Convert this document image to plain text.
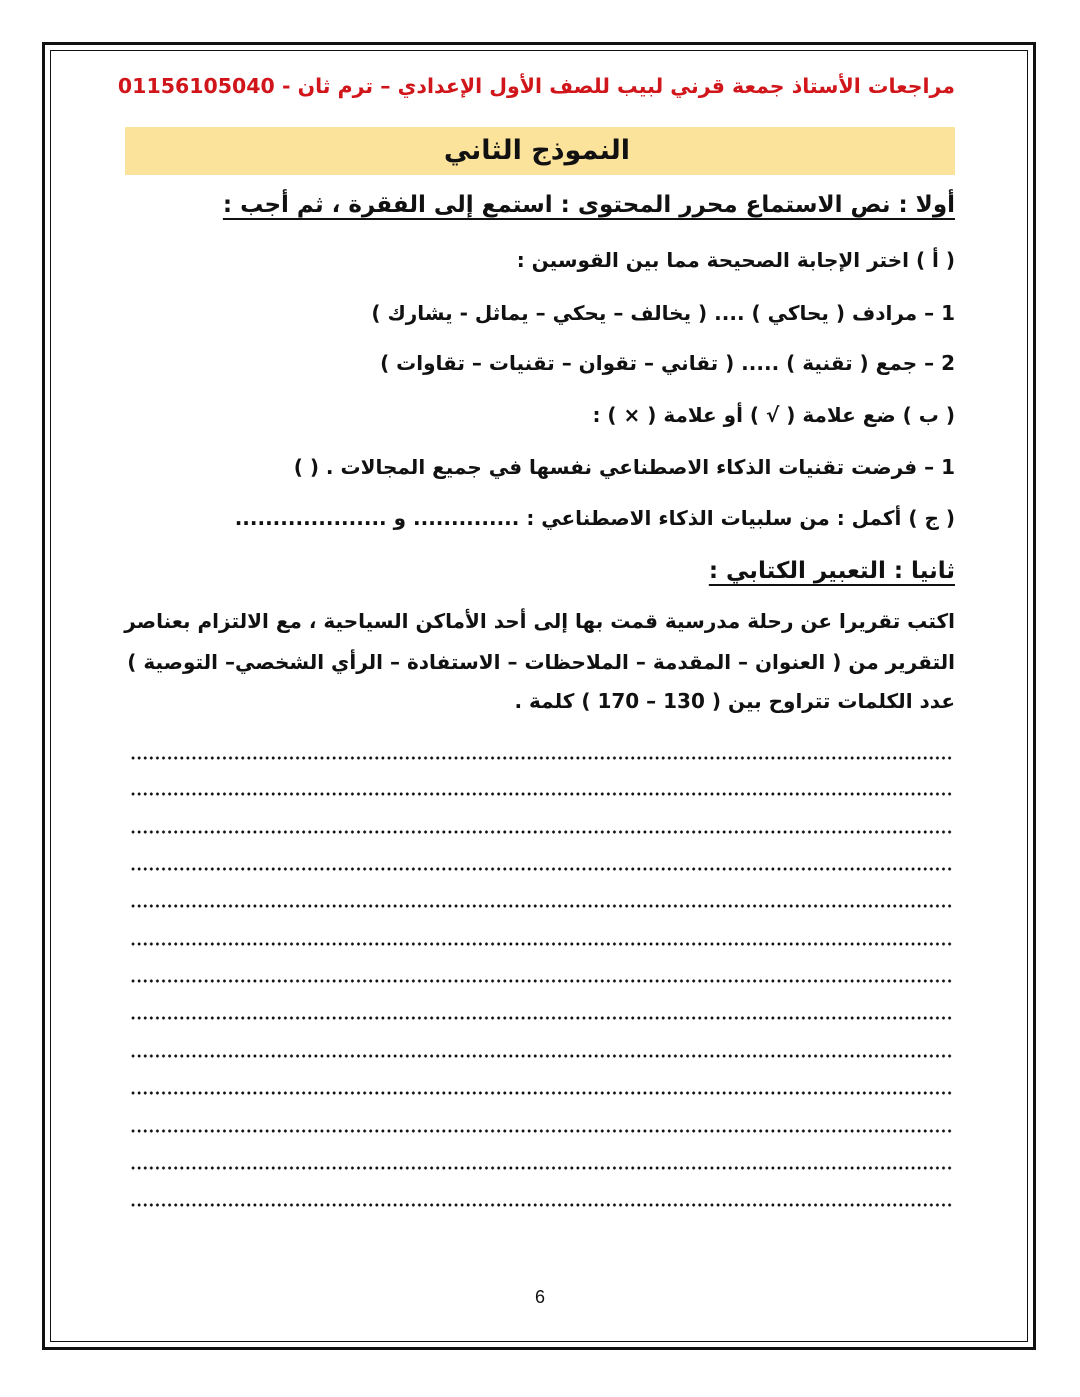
مراجعات الأستاذ جمعة قرني لبيب للصف الأول الإعدادي – ترم ثان - 01156105040
النموذج الثاني
أولا : نص الاستماع محرر المحتوى : استمع إلى الفقرة ، ثم أجب :
( أ ) اختر الإجابة الصحيحة مما بين القوسين :
1 – مرادف ( يحاكي ) .... ( يخالف – يحكي – يماثل - يشارك )
2 – جمع ( تقنية ) ..... ( تقاني – تقوان – تقنيات – تقاوات )
( ب ) ضع علامة ( √ ) أو علامة ( × ) :
1 – فرضت تقنيات الذكاء الاصطناعي نفسها في جميع المجالات . ( )
( ج ) أكمل : من سلبيات الذكاء الاصطناعي : .............. و ....................
ثانيا : التعبير الكتابي :
اكتب تقريرا عن رحلة مدرسية قمت بها إلى أحد الأماكن السياحية ، مع الالتزام بعناصر
التقرير من ( العنوان – المقدمة – الملاحظات – الاستفادة – الرأي الشخصي– التوصية )
عدد الكلمات تتراوح بين ( 130 – 170 ) كلمة .
6
